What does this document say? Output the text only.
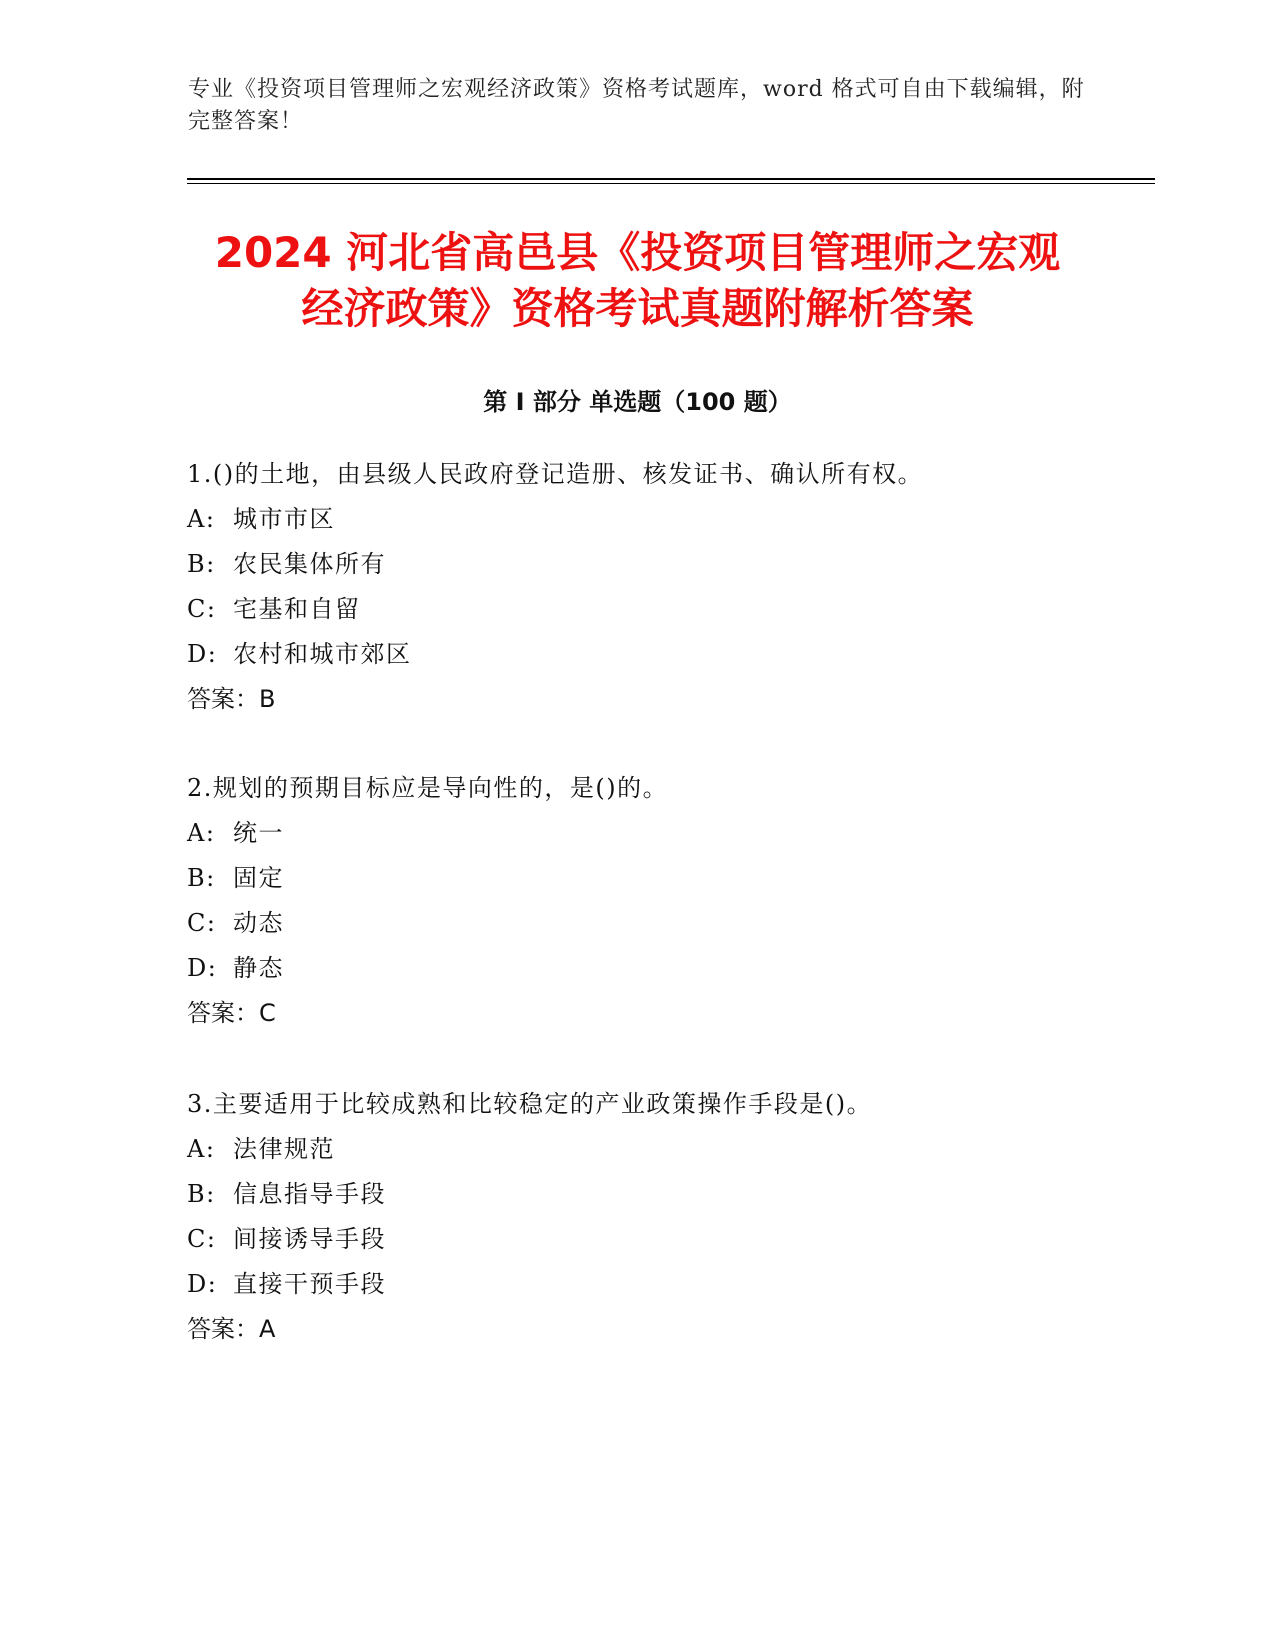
专业《投资项目管理师之宏观经济政策》资格考试题库，word 格式可自由下载编辑，附完整答案！
2024 河北省高邑县《投资项目管理师之宏观
经济政策》资格考试真题附解析答案
第 I 部分 单选题（100 题）
1.()的土地，由县级人民政府登记造册、核发证书、确认所有权。
A: 城市市区
B: 农民集体所有
C: 宅基和自留
D: 农村和城市郊区
答案：B
2.规划的预期目标应是导向性的，是()的。
A: 统一
B: 固定
C: 动态
D: 静态
答案：C
3.主要适用于比较成熟和比较稳定的产业政策操作手段是()。
A: 法律规范
B: 信息指导手段
C: 间接诱导手段
D: 直接干预手段
答案：A
